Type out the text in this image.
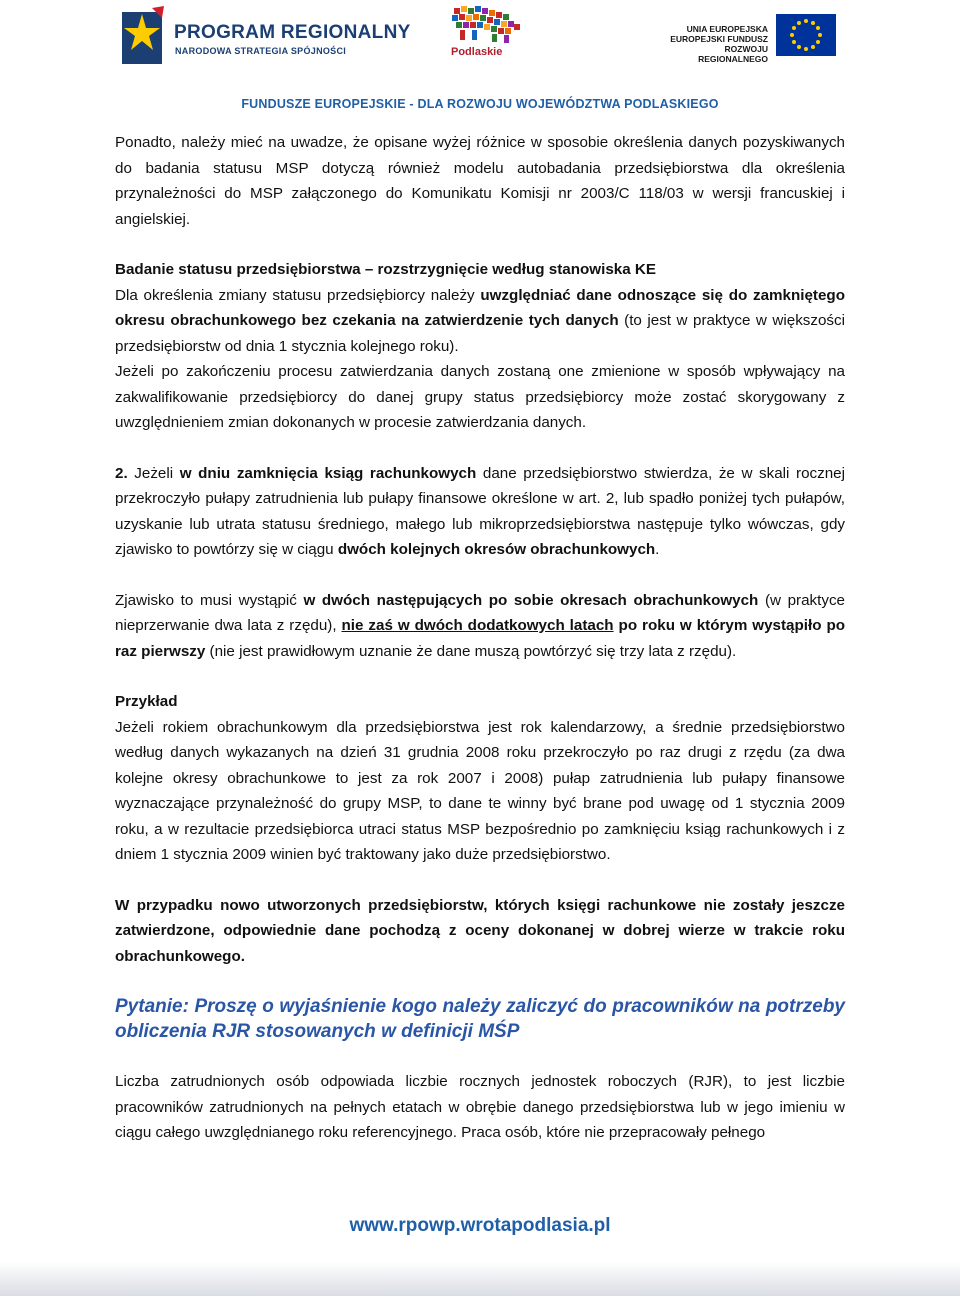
PROGRAM REGIONALNY
NARODOWA STRATEGIA SPÓJNOŚCI	Podlaskie
UNIA EUROPEJSKA
EUROPEJSKI FUNDUSZ
ROZWOJU REGIONALNEGO
FUNDUSZE EUROPEJSKIE - DLA ROZWOJU WOJEWÓDZTWA PODLASKIEGO

Ponadto, należy mieć na uwadze, że opisane wyżej różnice w sposobie określenia danych pozyskiwanych do badania statusu MSP dotyczą również modelu autobadania przedsiębiorstwa dla określenia przynależności do MSP załączonego do Komunikatu Komisji nr 2003/C 118/03 w wersji francuskiej i angielskiej.

Badanie statusu przedsiębiorstwa – rozstrzygnięcie według stanowiska KE

Dla określenia zmiany statusu przedsiębiorcy należy uwzględniać dane odnoszące się do zamkniętego okresu obrachunkowego bez czekania na zatwierdzenie tych danych (to jest w praktyce w większości przedsiębiorstw od dnia 1 stycznia kolejnego roku).

Jeżeli po zakończeniu procesu zatwierdzania danych zostaną one zmienione w sposób wpływający na zakwalifikowanie przedsiębiorcy do danej grupy status przedsiębiorcy może zostać skorygowany z uwzględnieniem zmian dokonanych w procesie zatwierdzania danych.

2. Jeżeli w dniu zamknięcia ksiąg rachunkowych dane przedsiębiorstwo stwierdza, że w skali rocznej przekroczyło pułapy zatrudnienia lub pułapy finansowe określone w art. 2, lub spadło poniżej tych pułapów, uzyskanie lub utrata statusu średniego, małego lub mikroprzedsiębiorstwa następuje tylko wówczas, gdy zjawisko to powtórzy się w ciągu dwóch kolejnych okresów obrachunkowych.

Zjawisko to musi wystąpić w dwóch następujących po sobie okresach obrachunkowych (w praktyce nieprzerwanie dwa lata z rzędu), nie zaś w dwóch dodatkowych latach po roku w którym wystąpiło po raz pierwszy (nie jest prawidłowym uznanie że dane muszą powtórzyć się trzy lata z rzędu).

Przykład

Jeżeli rokiem obrachunkowym dla przedsiębiorstwa jest rok kalendarzowy, a średnie przedsiębiorstwo według danych wykazanych na dzień 31 grudnia 2008 roku przekroczyło po raz drugi z rzędu (za dwa kolejne okresy obrachunkowe to jest za rok 2007 i 2008) pułap zatrudnienia lub pułapy finansowe wyznaczające przynależność do grupy MSP, to dane te winny być brane pod uwagę od 1 stycznia 2009 roku, a w rezultacie przedsiębiorca utraci status MSP bezpośrednio po zamknięciu ksiąg rachunkowych i z dniem 1 stycznia 2009 winien być traktowany jako duże przedsiębiorstwo.

W przypadku nowo utworzonych przedsiębiorstw, których księgi rachunkowe nie zostały jeszcze zatwierdzone, odpowiednie dane pochodzą z oceny dokonanej w dobrej wierze w trakcie roku obrachunkowego.

Pytanie: Proszę o wyjaśnienie kogo należy zaliczyć do pracowników na potrzeby obliczenia RJR stosowanych w definicji MŚP

Liczba zatrudnionych osób odpowiada liczbie rocznych jednostek roboczych (RJR), to jest liczbie pracowników zatrudnionych na pełnych etatach w obrębie danego przedsiębiorstwa lub w jego imieniu w ciągu całego uwzględnianego roku referencyjnego. Praca osób, które nie przepracowały pełnego

www.rpowp.wrotapodlasia.pl
